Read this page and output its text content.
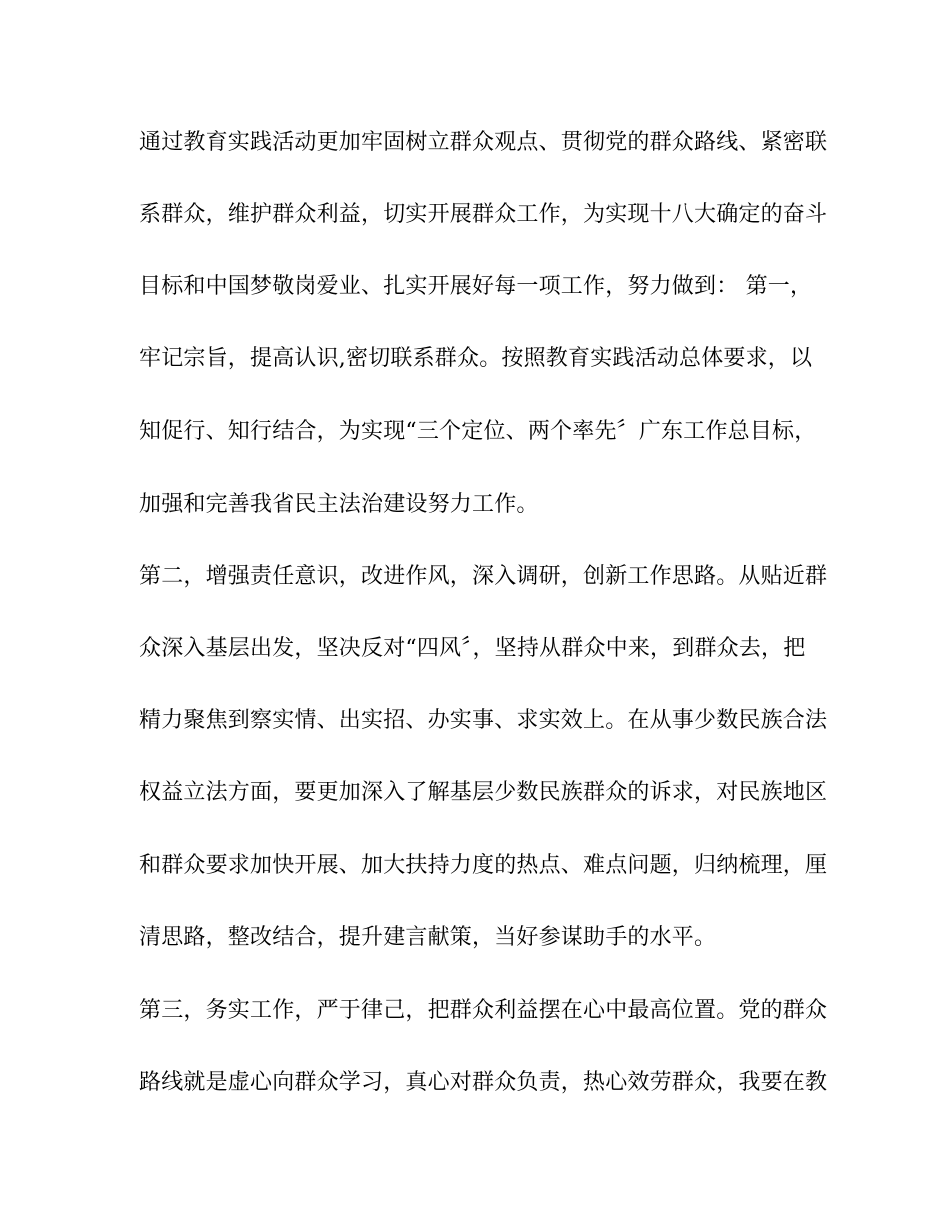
通过教育实践活动更加牢固树立群众观点、贯彻党的群众路线、紧密联
系群众，维护群众利益，切实开展群众工作，为实现十八大确定的奋斗
目标和中国梦敬岗爱业、扎实开展好每一项工作，努力做到： 第一，
牢记宗旨，提高认识,密切联系群众。按照教育实践活动总体要求，以
知促行、知行结合，为实现“三个定位、两个率先〞广东工作总目标，
加强和完善我省民主法治建设努力工作。
第二，增强责任意识，改进作风，深入调研，创新工作思路。从贴近群
众深入基层出发，坚决反对“四风〞，坚持从群众中来，到群众去，把
精力聚焦到察实情、出实招、办实事、求实效上。在从事少数民族合法
权益立法方面，要更加深入了解基层少数民族群众的诉求，对民族地区
和群众要求加快开展、加大扶持力度的热点、难点问题，归纳梳理，厘
清思路，整改结合，提升建言献策，当好参谋助手的水平。
第三，务实工作，严于律己，把群众利益摆在心中最高位置。党的群众
路线就是虚心向群众学习，真心对群众负责，热心效劳群众，我要在教
